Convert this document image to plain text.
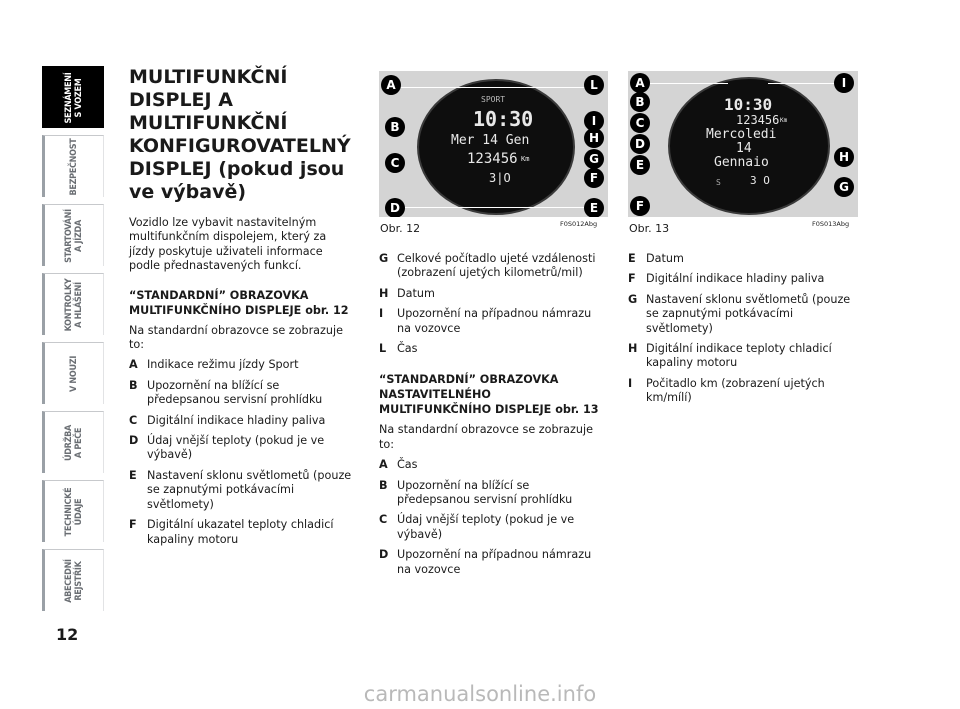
SEZNÁMENÍ
S VOZEM
BEZPEČNOST
STARTOVÁNÍ
A JÍZDA
KONTROLKY
A HLÁŠENÍ
V NOUZI
ÚDRŽBA
A PEČE
TECHNICKÉ
ÚDAJE
ABECEDNÍ
REJSTŘÍK
12
MULTIFUNKČNÍ DISPLEJ A MULTIFUNKČNÍ KONFIGUROVATELNÝ DISPLEJ (pokud jsou ve výbavě)
Vozidlo lze vybavit nastavitelným multifunkčním dispolejem, který za jízdy poskytuje uživateli informace podle přednastavených funkcí.
“STANDARDNÍ” OBRAZOVKA MULTIFUNKČNÍHO DISPLEJE obr. 12
Na standardní obrazovce se zobrazuje to:
A Indikace režimu jízdy Sport
B Upozornění na blížící se předepsanou servisní prohlídku
C Digitální indikace hladiny paliva
D Údaj vnější teploty (pokud je ve výbavě)
E Nastavení sklonu světlometů (pouze se zapnutými potkávacími světlomety)
F Digitální ukazatel teploty chladicí kapaliny motoru
SPORT
10:30
Mer 14 Gen
123456 Km
3|O
A
B
C
D
L
I
H
G
F
E
Obr. 12	F0S012Abg
10:30
123456 Km
Mercoledi
14
Gennaio
S	3 O
A
B
C
D
E
F
I
H
G
Obr. 13	F0S013Abg
G Celkové počítadlo ujeté vzdálenosti (zobrazení ujetých kilometrů/mil)
H Datum
I	Upozornění na případnou námrazu na vozovce
L Čas
“STANDARDNÍ” OBRAZOVKA NASTAVITELNÉHO MULTIFUNKČNÍHO DISPLEJE obr. 13
Na standardní obrazovce se zobrazuje to:
A Čas
B Upozornění na blížící se předepsanou servisní prohlídku
C Údaj vnější teploty (pokud je ve výbavě)
D Upozornění na případnou námrazu na vozovce
E Datum
F Digitální indikace hladiny paliva
G Nastavení sklonu světlometů (pouze se zapnutými potkávacími světlomety)
H Digitální indikace teploty chladicí kapaliny motoru
I	Počitadlo km (zobrazení ujetých km/mílí)
carmanualsonline.info
